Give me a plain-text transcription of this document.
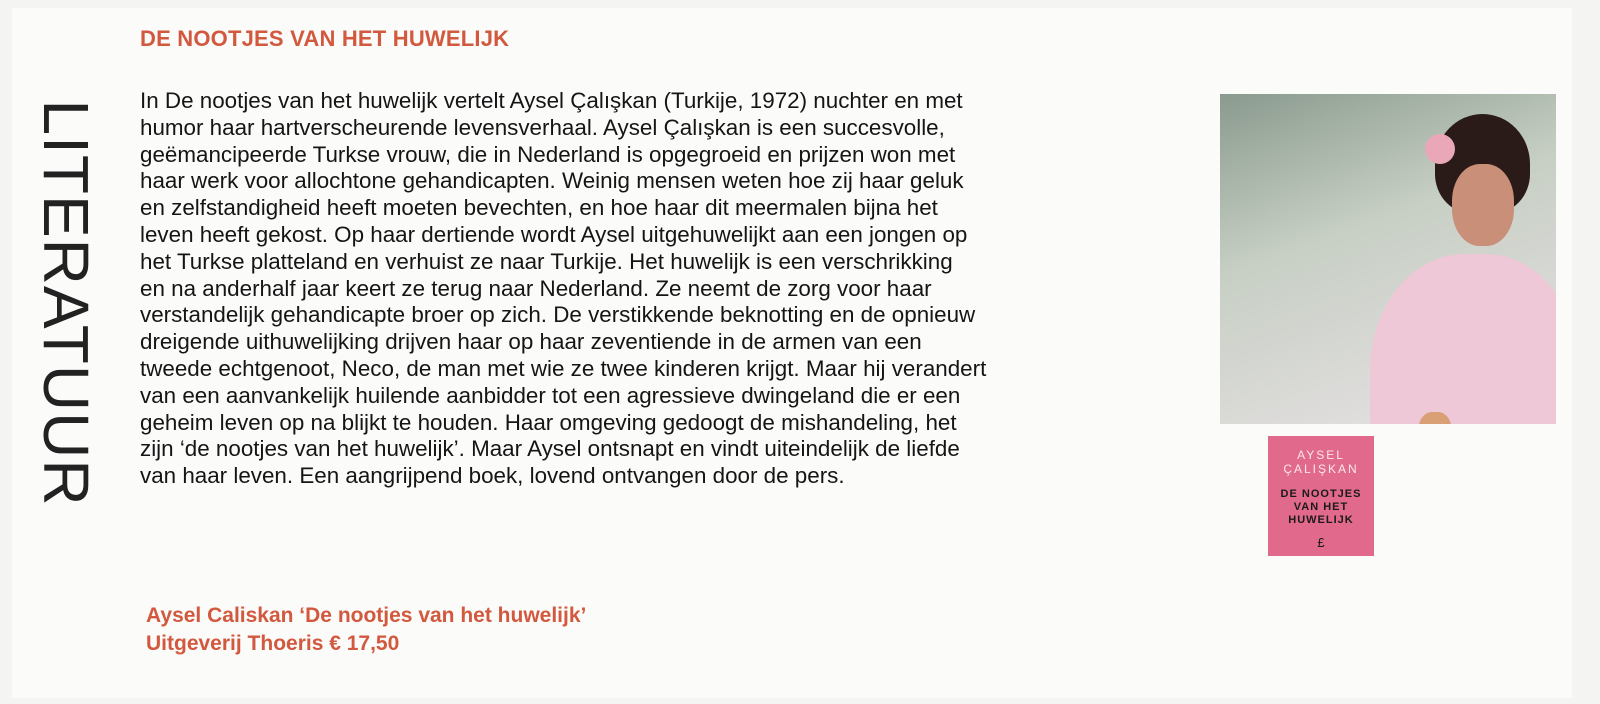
LITERATUUR
DE NOOTJES VAN HET HUWELIJK
In De nootjes van het huwelijk vertelt Aysel Çalışkan (Turkije, 1972) nuchter en met
humor haar hartverscheurende levensverhaal. Aysel Çalışkan is een succesvolle,
geëmancipeerde Turkse vrouw, die in Nederland is opgegroeid en prijzen won met
haar werk voor allochtone gehandicapten. Weinig mensen weten hoe zij haar geluk
en zelfstandigheid heeft moeten bevechten, en hoe haar dit meermalen bijna het
leven heeft gekost. Op haar dertiende wordt Aysel uitgehuwelijkt aan een jongen op
het Turkse platteland en verhuist ze naar Turkije. Het huwelijk is een verschrikking
en na anderhalf jaar keert ze terug naar Nederland. Ze neemt de zorg voor haar
verstandelijk gehandicapte broer op zich. De verstikkende beknotting en de opnieuw
dreigende uithuwelijking drijven haar op haar zeventiende in de armen van een
tweede echtgenoot, Neco, de man met wie ze twee kinderen krijgt. Maar hij verandert
van een aanvankelijk huilende aanbidder tot een agressieve dwingeland die er een
geheim leven op na blijkt te houden. Haar omgeving gedoogt de mishandeling, het
zijn ‘de nootjes van het huwelijk’. Maar Aysel ontsnapt en vindt uiteindelijk de liefde
van haar leven. Een aangrijpend boek, lovend ontvangen door de pers.
Aysel Caliskan ‘De nootjes van het huwelijk’
Uitgeverij Thoeris € 17,50
AYSEL ÇALIŞKAN
DE NOOTJES
VAN HET
HUWELIJK
£
